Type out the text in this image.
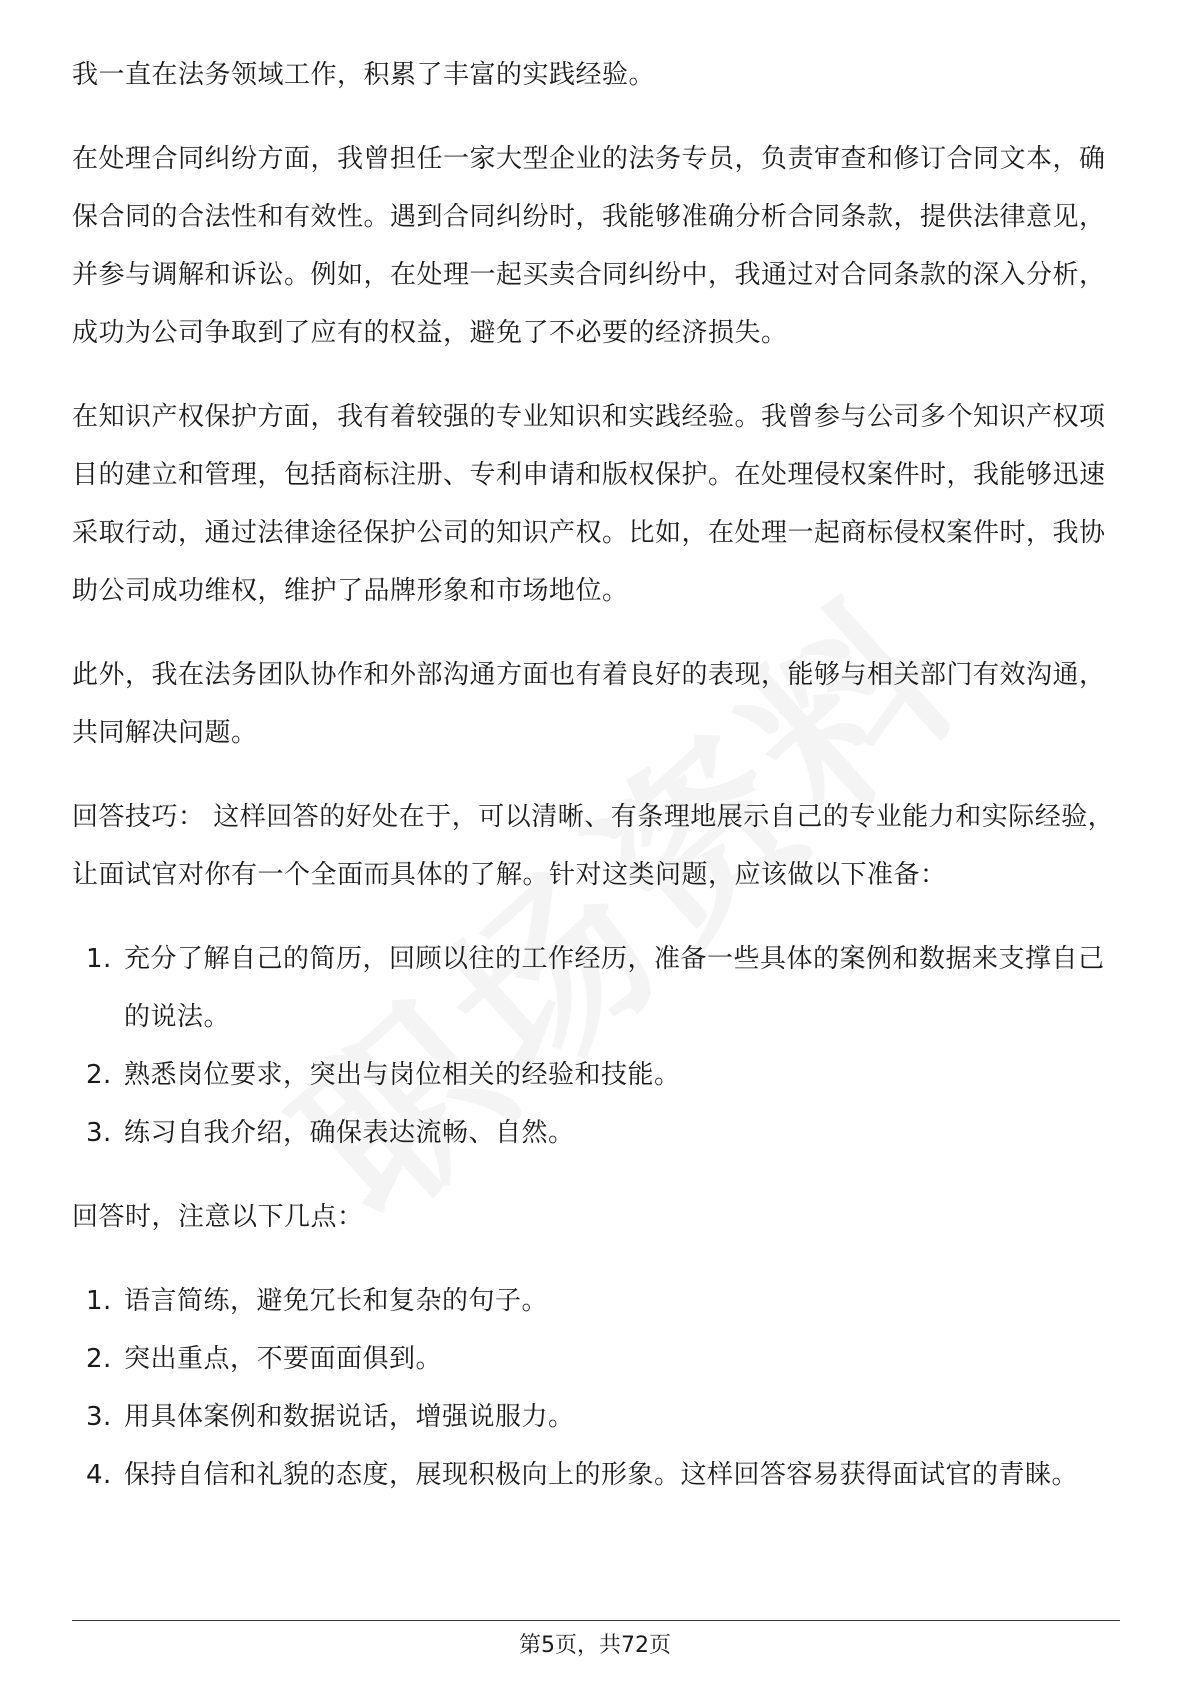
我一直在法务领域工作，积累了丰富的实践经验。

在处理合同纠纷方面，我曾担任一家大型企业的法务专员，负责审查和修订合同文本，确保合同的合法性和有效性。遇到合同纠纷时，我能够准确分析合同条款，提供法律意见，并参与调解和诉讼。例如，在处理一起买卖合同纠纷中，我通过对合同条款的深入分析，成功为公司争取到了应有的权益，避免了不必要的经济损失。

在知识产权保护方面，我有着较强的专业知识和实践经验。我曾参与公司多个知识产权项目的建立和管理，包括商标注册、专利申请和版权保护。在处理侵权案件时，我能够迅速采取行动，通过法律途径保护公司的知识产权。比如，在处理一起商标侵权案件时，我协助公司成功维权，维护了品牌形象和市场地位。

此外，我在法务团队协作和外部沟通方面也有着良好的表现，能够与相关部门有效沟通，共同解决问题。

回答技巧： 这样回答的好处在于，可以清晰、有条理地展示自己的专业能力和实际经验，让面试官对你有一个全面而具体的了解。针对这类问题，应该做以下准备：

1. 充分了解自己的简历，回顾以往的工作经历，准备一些具体的案例和数据来支撑自己的说法。
2. 熟悉岗位要求，突出与岗位相关的经验和技能。
3. 练习自我介绍，确保表达流畅、自然。

回答时，注意以下几点：

1. 语言简练，避免冗长和复杂的句子。
2. 突出重点，不要面面俱到。
3. 用具体案例和数据说话，增强说服力。
4. 保持自信和礼貌的态度，展现积极向上的形象。这样回答容易获得面试官的青睐。
第5页，共72页
